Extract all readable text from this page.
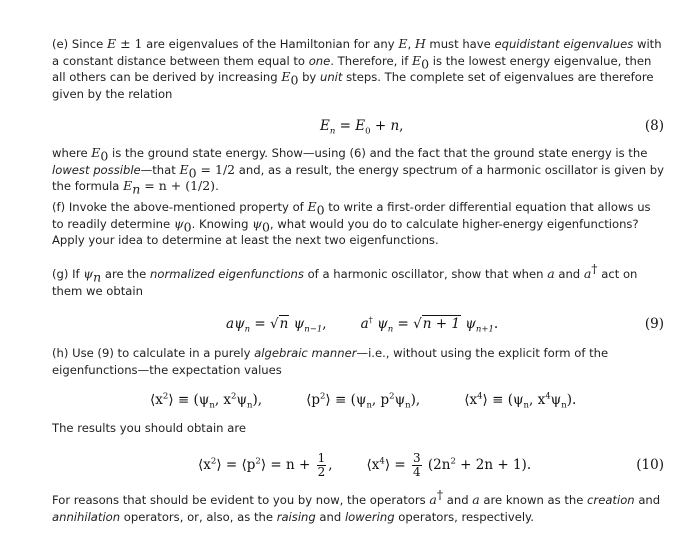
(e) Since E ± 1 are eigenvalues of the Hamiltonian for any E, H must have equidistant eigenvalues with a constant distance between them equal to one. Therefore, if $E_0$ is the lowest energy eigenvalue, then all others can be derived by increasing $E_0$ by unit steps. The complete set of eigenvalues are therefore given by the relation

$E_n = E_0 + n$,	(8)

where $E_0$ is the ground state energy. Show—using (6) and the fact that the ground state energy is the lowest possible—that $E_0 = 1/2$ and, as a result, the energy spectrum of a harmonic oscillator is given by the formula $E_n = n + (1/2)$.

(f) Invoke the above-mentioned property of $E_0$ to write a first-order differential equation that allows us to readily determine $\psi_0$. Knowing $\psi_0$, what would you do to calculate higher-energy eigenfunctions? Apply your idea to determine at least the next two eigenfunctions.

(g) If $\psi_n$ are the normalized eigenfunctions of a harmonic oscillator, show that when a and a† act on them we obtain

$a\psi_n = √n$ $\psi_{n-1}$,	a† $\psi_n = √n + 1$ $\psi_{n+1}$.	(9)

(h) Use (9) to calculate in a purely algebraic manner—i.e., without using the explicit form of the eigenfunctions—the expectation values

$⟨x^2⟩ \equiv (\psi_n$, $x^2\psi_n$),	$⟨p^2⟩ \equiv (\psi_n$, $p^2\psi_n$),	$⟨x^4⟩ \equiv (\psi_n$, $x^4\psi_n$).

The results you should obtain are

$⟨x^2⟩$ = $⟨p^2⟩ = n + \frac{1}{2}$ ,	$⟨x^4⟩ = \frac{3}{4} (2n^2 + 2n + 1)$.	(10)

For reasons that should be evident to you by now, the operators a† and a are known as the creation and annihilation operators, or, also, as the raising and lowering operators, respectively.
